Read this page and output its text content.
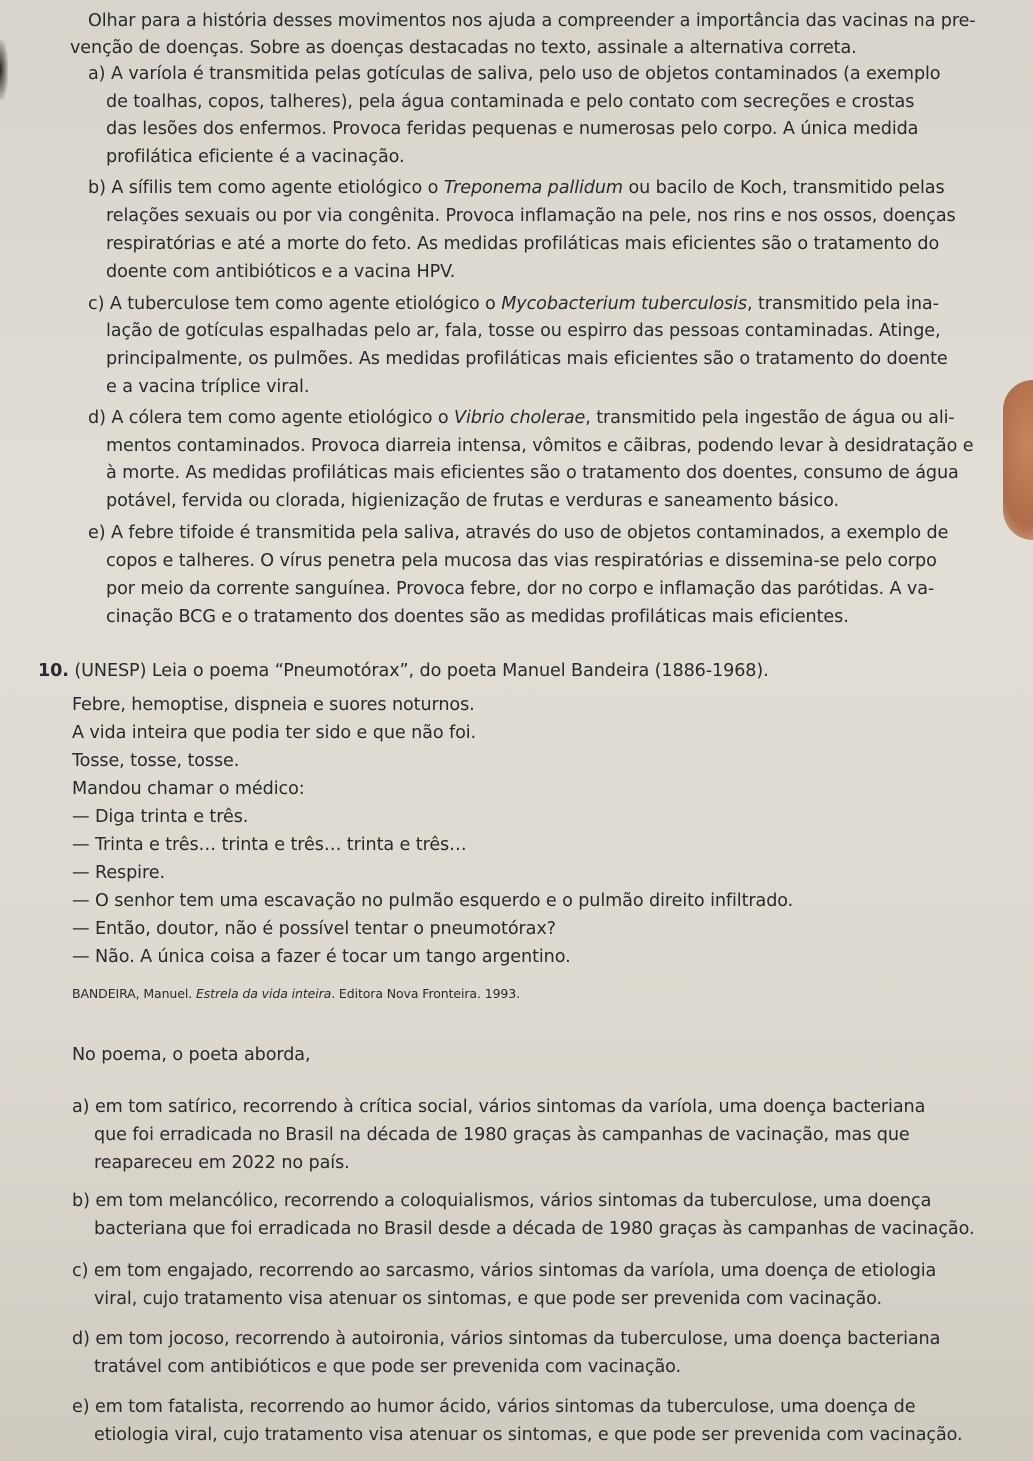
Olhar para a história desses movimentos nos ajuda a compreender a importância das vacinas na pre-
venção de doenças. Sobre as doenças destacadas no texto, assinale a alternativa correta.
a) A varíola é transmitida pelas gotículas de saliva, pelo uso de objetos contaminados (a exemplo
de toalhas, copos, talheres), pela água contaminada e pelo contato com secreções e crostas
das lesões dos enfermos. Provoca feridas pequenas e numerosas pelo corpo. A única medida
profilática eficiente é a vacinação.
b) A sífilis tem como agente etiológico o Treponema pallidum ou bacilo de Koch, transmitido pelas
relações sexuais ou por via congênita. Provoca inflamação na pele, nos rins e nos ossos, doenças
respiratórias e até a morte do feto. As medidas profiláticas mais eficientes são o tratamento do
doente com antibióticos e a vacina HPV.
c) A tuberculose tem como agente etiológico o Mycobacterium tuberculosis, transmitido pela ina-
lação de gotículas espalhadas pelo ar, fala, tosse ou espirro das pessoas contaminadas. Atinge,
principalmente, os pulmões. As medidas profiláticas mais eficientes são o tratamento do doente
e a vacina tríplice viral.
d) A cólera tem como agente etiológico o Vibrio cholerae, transmitido pela ingestão de água ou ali-
mentos contaminados. Provoca diarreia intensa, vômitos e cãibras, podendo levar à desidratação e
à morte. As medidas profiláticas mais eficientes são o tratamento dos doentes, consumo de água
potável, fervida ou clorada, higienização de frutas e verduras e saneamento básico.
e) A febre tifoide é transmitida pela saliva, através do uso de objetos contaminados, a exemplo de
copos e talheres. O vírus penetra pela mucosa das vias respiratórias e dissemina-se pelo corpo
por meio da corrente sanguínea. Provoca febre, dor no corpo e inflamação das parótidas. A va-
cinação BCG e o tratamento dos doentes são as medidas profiláticas mais eficientes.
10. (UNESP) Leia o poema “Pneumotórax”, do poeta Manuel Bandeira (1886-1968).
Febre, hemoptise, dispneia e suores noturnos.
A vida inteira que podia ter sido e que não foi.
Tosse, tosse, tosse.
Mandou chamar o médico:
— Diga trinta e três.
— Trinta e três… trinta e três… trinta e três…
— Respire.
— O senhor tem uma escavação no pulmão esquerdo e o pulmão direito infiltrado.
— Então, doutor, não é possível tentar o pneumotórax?
— Não. A única coisa a fazer é tocar um tango argentino.
BANDEIRA, Manuel. Estrela da vida inteira. Editora Nova Fronteira. 1993.
No poema, o poeta aborda,
a) em tom satírico, recorrendo à crítica social, vários sintomas da varíola, uma doença bacteriana
que foi erradicada no Brasil na década de 1980 graças às campanhas de vacinação, mas que
reapareceu em 2022 no país.
b) em tom melancólico, recorrendo a coloquialismos, vários sintomas da tuberculose, uma doença
bacteriana que foi erradicada no Brasil desde a década de 1980 graças às campanhas de vacinação.
c) em tom engajado, recorrendo ao sarcasmo, vários sintomas da varíola, uma doença de etiologia
viral, cujo tratamento visa atenuar os sintomas, e que pode ser prevenida com vacinação.
d) em tom jocoso, recorrendo à autoironia, vários sintomas da tuberculose, uma doença bacteriana
tratável com antibióticos e que pode ser prevenida com vacinação.
e) em tom fatalista, recorrendo ao humor ácido, vários sintomas da tuberculose, uma doença de
etiologia viral, cujo tratamento visa atenuar os sintomas, e que pode ser prevenida com vacinação.
